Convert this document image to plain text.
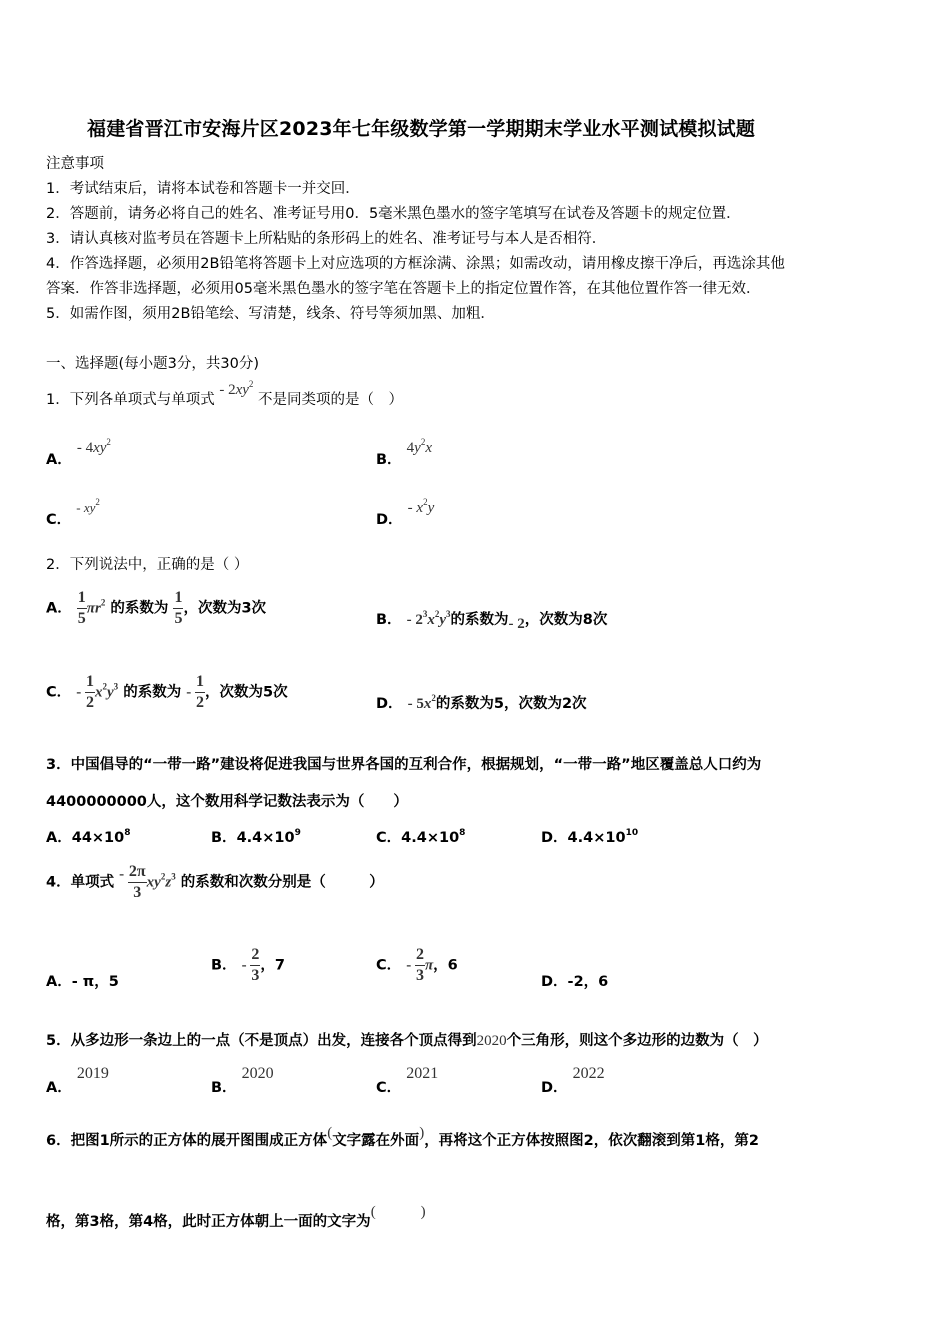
福建省晋江市安海片区2023年七年级数学第一学期期末学业水平测试模拟试题
注意事项
1．考试结束后，请将本试卷和答题卡一并交回．
2．答题前，请务必将自己的姓名、准考证号用0．5毫米黑色墨水的签字笔填写在试卷及答题卡的规定位置．
3．请认真核对监考员在答题卡上所粘贴的条形码上的姓名、准考证号与本人是否相符．
4．作答选择题，必须用2B铅笔将答题卡上对应选项的方框涂满、涂黑；如需改动，请用橡皮擦干净后，再选涂其他
答案．作答非选择题，必须用05毫米黑色墨水的签字笔在答题卡上的指定位置作答，在其他位置作答一律无效．
5．如需作图，须用2B铅笔绘、写清楚，线条、符号等须加黑、加粗．
一、选择题(每小题3分，共30分)
1．下列各单项式与单项式 - $2xy^2$ 不是同类项的是（　）
A． - $4xy^2$
B． $4y^2x$
C． - $xy^2$
D． - $x^2y$
2．下列说法中，正确的是（ ）
A． $\frac{1}{5} \pi r^2$ 的系数为 $\frac{1}{5}$ ，次数为3次
B． - $2^3x^2y^3$的系数为- 2，次数为8次
C． - $\frac{1}{2} x^2y^3$ 的系数为 - $\frac{1}{2}$ ，次数为5次
D． - $5x^2$的系数为5，次数为2次
3．中国倡导的“一带一路”建设将促进我国与世界各国的互利合作，根据规划，“一带一路”地区覆盖总人口约为
4400000000人，这个数用科学记数法表示为（　　）
A．$44\times 10^8$	B．$4.4\times 10^9$	C．$4.4\times 10^8$	D．$4.4\times 10^{10}$
4．单项式 - $\frac{2\pi}{3} xy^2z^3$ 的系数和次数分别是（　　　）
A．- π，5
B． - $\frac{2}{3}$ ，7	C． - $\frac{2}{3}$ π，6
D．-2，6
5．从多边形一条边上的一点（不是顶点）出发，连接各个顶点得到2020个三角形，则这个多边形的边数为（　）
A． 2019
B． 2020
C． 2021
D． 2022
6．把图1所示的正方体的展开图围成正方体(文字露在外面)，再将这个正方体按照图2，依次翻滚到第1格，第2
格，第3格，第4格，此时正方体朝上一面的文字为(　　　)
